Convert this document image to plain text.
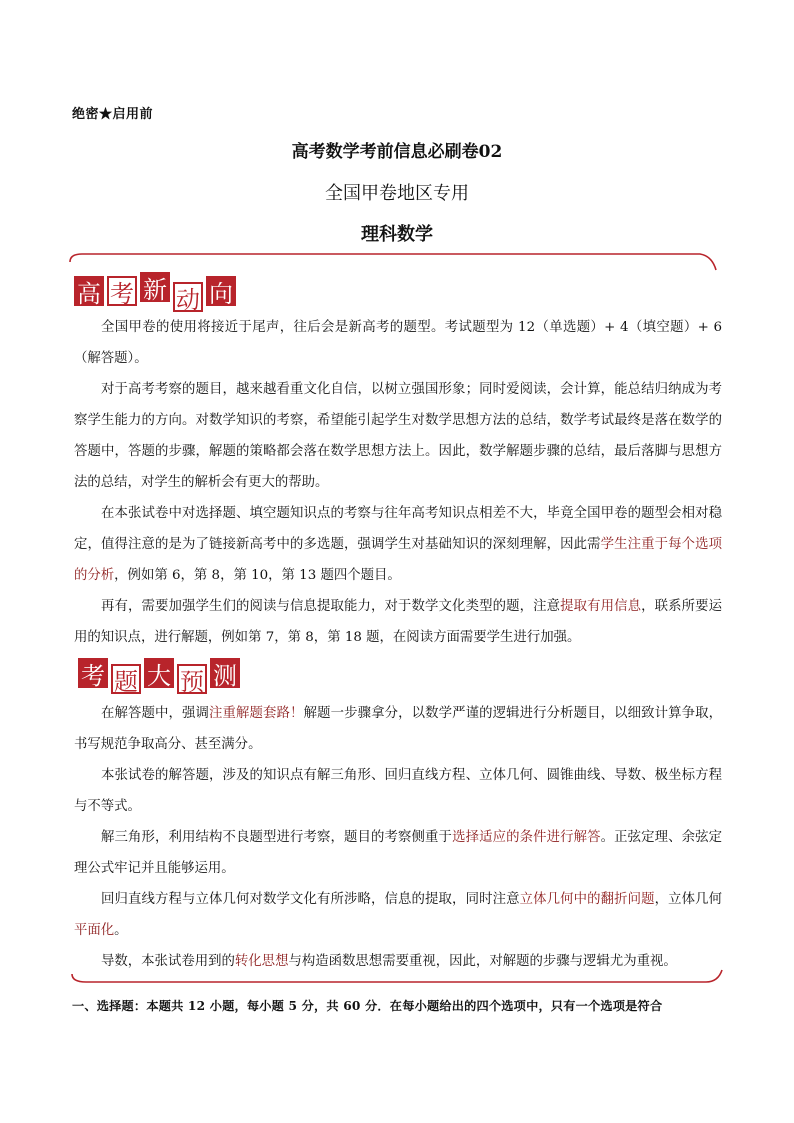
绝密★启用前
高考数学考前信息必刷卷02
全国甲卷地区专用
理科数学
高 考 新 动 向
全国甲卷的使用将接近于尾声，往后会是新高考的题型。考试题型为 12（单选题）+ 4（填空题）+ 6（解答题）。
对于高考考察的题目，越来越看重文化自信，以树立强国形象；同时爱阅读，会计算，能总结归纳成为考察学生能力的方向。对数学知识的考察，希望能引起学生对数学思想方法的总结，数学考试最终是落在数学的答题中，答题的步骤，解题的策略都会落在数学思想方法上。因此，数学解题步骤的总结，最后落脚与思想方法的总结，对学生的解析会有更大的帮助。
在本张试卷中对选择题、填空题知识点的考察与往年高考知识点相差不大，毕竟全国甲卷的题型会相对稳定，值得注意的是为了链接新高考中的多选题，强调学生对基础知识的深刻理解，因此需学生注重于每个选项的分析，例如第 6，第 8，第 10，第 13 题四个题目。
再有，需要加强学生们的阅读与信息提取能力，对于数学文化类型的题，注意提取有用信息，联系所要运用的知识点，进行解题，例如第 7，第 8，第 18 题，在阅读方面需要学生进行加强。
考 题 大 预 测
在解答题中，强调注重解题套路！解题一步骤拿分，以数学严谨的逻辑进行分析题目，以细致计算争取，书写规范争取高分、甚至满分。
本张试卷的解答题，涉及的知识点有解三角形、回归直线方程、立体几何、圆锥曲线、导数、极坐标方程与不等式。
解三角形，利用结构不良题型进行考察，题目的考察侧重于选择适应的条件进行解答。正弦定理、余弦定理公式牢记并且能够运用。
回归直线方程与立体几何对数学文化有所涉略，信息的提取，同时注意立体几何中的翻折问题，立体几何平面化。
导数，本张试卷用到的转化思想与构造函数思想需要重视，因此，对解题的步骤与逻辑尤为重视。
一、选择题：本题共 12 小题，每小题 5 分，共 60 分．在每小题给出的四个选项中，只有一个选项是符合
